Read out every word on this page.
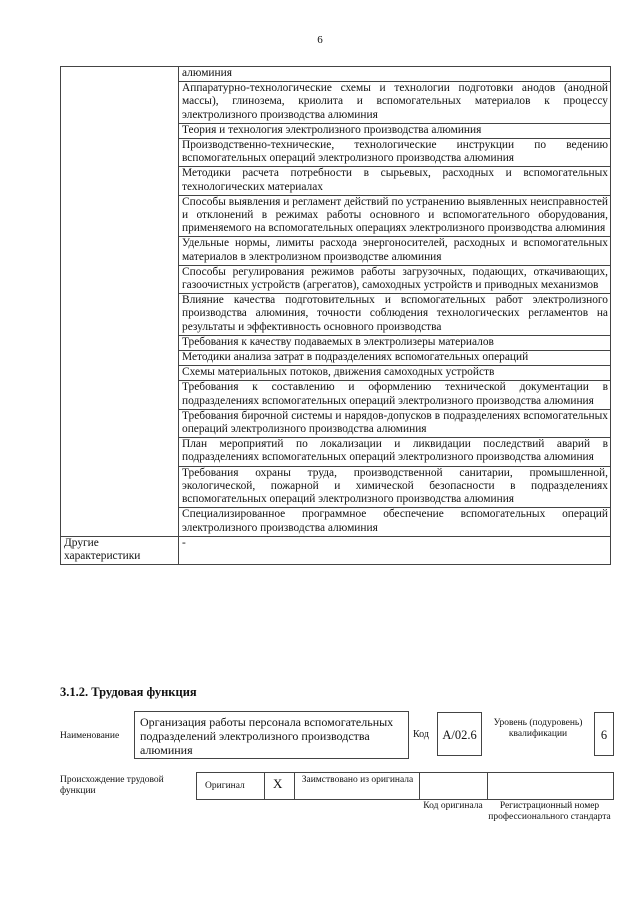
6
	алюминия
	Аппаратурно-технологические схемы и технологии подготовки анодов (анодной массы), глинозема, криолита и вспомогательных материалов к процессу электролизного производства алюминия
	Теория и технология электролизного производства алюминия
	Производственно-технические, технологические инструкции по ведению вспомогательных операций электролизного производства алюминия
	Методики расчета потребности в сырьевых, расходных и вспомогательных технологических материалах
	Способы выявления и регламент действий по устранению выявленных неисправностей и отклонений в режимах работы основного и вспомогательного оборудования, применяемого на вспомогательных операциях электролизного производства алюминия
	Удельные нормы, лимиты расхода энергоносителей, расходных и вспомогательных материалов в электролизном производстве алюминия
	Способы регулирования режимов работы загрузочных, подающих, откачивающих, газоочистных устройств (агрегатов), самоходных устройств и приводных механизмов
	Влияние качества подготовительных и вспомогательных работ электролизного производства алюминия, точности соблюдения технологических регламентов на результаты и эффективность основного производства
	Требования к качеству подаваемых в электролизеры материалов
	Методики анализа затрат в подразделениях вспомогательных операций
	Схемы материальных потоков, движения самоходных устройств
	Требования к составлению и оформлению технической документации в подразделениях вспомогательных операций электролизного производства алюминия
	Требования бирочной системы и нарядов-допусков в подразделениях вспомогательных операций электролизного производства алюминия
	План мероприятий по локализации и ликвидации последствий аварий в подразделениях вспомогательных операций электролизного производства алюминия
	Требования охраны труда, производственной санитарии, промышленной, экологической, пожарной и химической безопасности в подразделениях вспомогательных операций электролизного производства алюминия
	Специализированное программное обеспечение вспомогательных операций электролизного производства алюминия
Другие характеристики	-
3.1.2. Трудовая функция
Наименование
Организация работы персонала вспомогательных подразделений электролизного производства алюминия
Код	A/02.6
Уровень (подуровень) квалификации	6
Происхождение трудовой функции	Оригинал X	Заимствовано из оригинала
Код оригинала	Регистрационный номер профессионального стандарта
